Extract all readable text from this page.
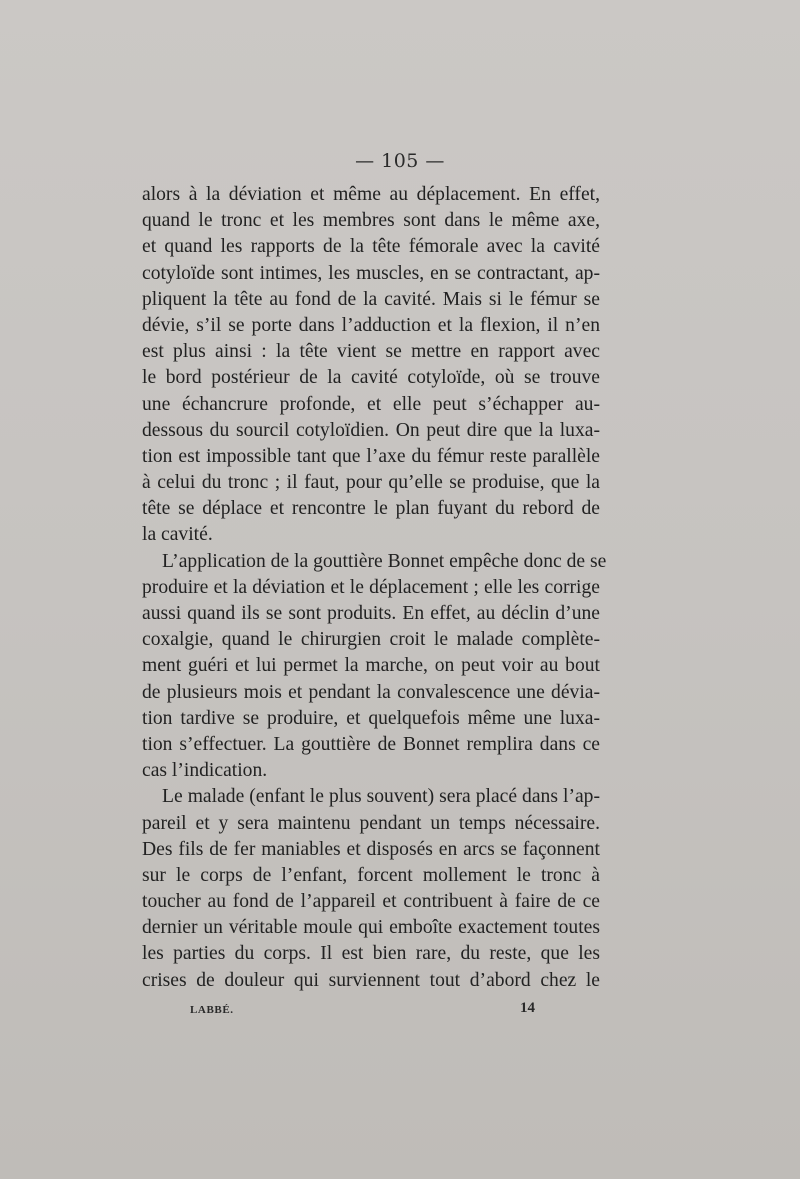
— 105 —
alors à la déviation et même au déplacement. En effet,
quand le tronc et les membres sont dans le même axe,
et quand les rapports de la tête fémorale avec la cavité
cotyloïde sont intimes, les muscles, en se contractant, ap-
pliquent la tête au fond de la cavité. Mais si le fémur se
dévie, s’il se porte dans l’adduction et la flexion, il n’en
est plus ainsi : la tête vient se mettre en rapport avec
le bord postérieur de la cavité cotyloïde, où se trouve
une échancrure profonde, et elle peut s’échapper au-
dessous du sourcil cotyloïdien. On peut dire que la luxa-
tion est impossible tant que l’axe du fémur reste parallèle
à celui du tronc ; il faut, pour qu’elle se produise, que la
tête se déplace et rencontre le plan fuyant du rebord de
la cavité.
L’application de la gouttière Bonnet empêche donc de se
produire et la déviation et le déplacement ; elle les corrige
aussi quand ils se sont produits. En effet, au déclin d’une
coxalgie, quand le chirurgien croit le malade complète-
ment guéri et lui permet la marche, on peut voir au bout
de plusieurs mois et pendant la convalescence une dévia-
tion tardive se produire, et quelquefois même une luxa-
tion s’effectuer. La gouttière de Bonnet remplira dans ce
cas l’indication.
Le malade (enfant le plus souvent) sera placé dans l’ap-
pareil et y sera maintenu pendant un temps nécessaire.
Des fils de fer maniables et disposés en arcs se façonnent
sur le corps de l’enfant, forcent mollement le tronc à
toucher au fond de l’appareil et contribuent à faire de ce
dernier un véritable moule qui emboîte exactement toutes
les parties du corps. Il est bien rare, du reste, que les
crises de douleur qui surviennent tout d’abord chez le
LABBÉ.	14
